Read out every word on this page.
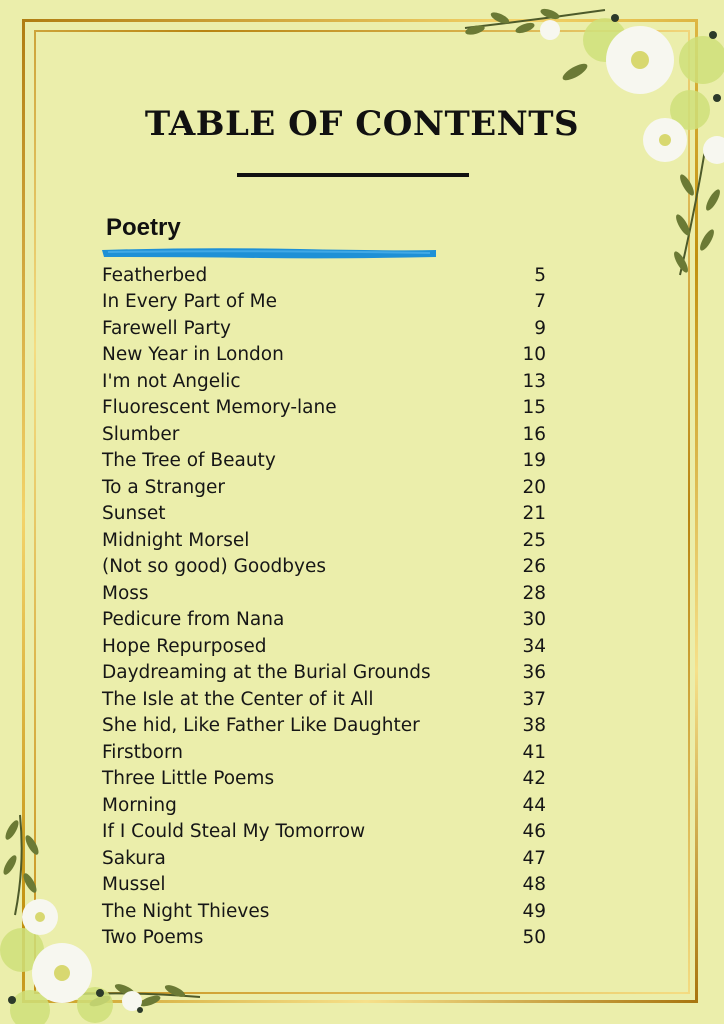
TABLE OF CONTENTS
Poetry
Featherbed	5
In Every Part of Me	7
Farewell Party	9
New Year in London	10
I'm not Angelic	13
Fluorescent Memory-lane	15
Slumber	16
The Tree of Beauty	19
To a Stranger	20
Sunset	21
Midnight Morsel	25
(Not so good) Goodbyes	26
Moss	28
Pedicure from Nana	30
Hope Repurposed	34
Daydreaming at the Burial Grounds	36
The Isle at the Center of it All	37
She hid, Like Father Like Daughter	38
Firstborn	41
Three Little Poems	42
Morning	44
If I Could Steal My Tomorrow	46
Sakura	47
Mussel	48
The Night Thieves	49
Two Poems	50
